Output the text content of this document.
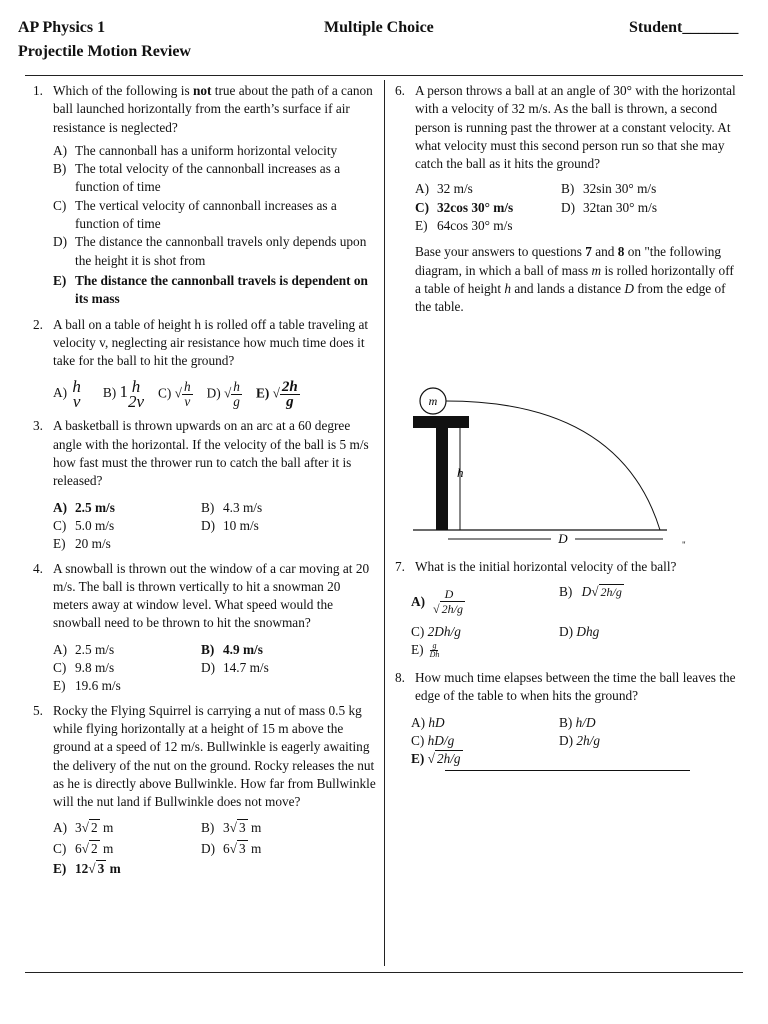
AP Physics 1
Projectile Motion Review
Multiple Choice	Student_______
1. Which of the following is not true about the path of a canon ball launched horizontally from the earth’s surface if air resistance is neglected?
A) The cannonball has a uniform horizontal velocity
B) The total velocity of the cannonball increases as a function of time
C) The vertical velocity of cannonball increases as a function of time
D) The distance the cannonball travels only depends upon the height it is shot from
E) The distance the cannonball travels is dependent on its mass
2. A ball on a table of height h is rolled off a table traveling at velocity v, neglecting air resistance how much time does it take for the ball to hit the ground?
A) h
v B) 1 h
2v C) √ $\frac{h}{v} D$) √ $\frac{h}{g} E$) √ $\frac{2h}{g}$
3. A basketball is thrown upwards on an arc at a 60 degree angle with the horizontal. If the velocity of the ball is 5 m/s how fast must the thrower run to catch the ball after it is released?
A) 2.5 m/s	B) 4.3 m/s
C) 5.0 m/s	D) 10 m/s
E) 20 m/s
4. A snowball is thrown out the window of a car moving at 20 m/s. The ball is thrown vertically to hit a snowman 20 meters away at window level. What speed would the snowball need to be thrown to hit the snowman?
A) 2.5 m/s	B) 4.9 m/s
C) 9.8 m/s	D) 14.7 m/s
E) 19.6 m/s
5. Rocky the Flying Squirrel is carrying a nut of mass 0.5 kg while flying horizontally at a height of 15 m above the ground at a speed of 12 m/s. Bullwinkle is eagerly awaiting the delivery of the nut on the ground. Rocky releases the nut as he is directly above Bullwinkle. How far from Bullwinkle will the nut land if Bullwinkle does not move?
A) 3√ 2 m	B) 3√ 3 m
C) 6√ 2 m	D) 6√ 3 m
E) 12√ 3 m
6. A person throws a ball at an angle of 30° with the horizontal with a velocity of 32 m/s. As the ball is thrown, a second person is running past the thrower at a constant velocity. At what velocity must this second person run so that she may catch the ball as it hits the ground?
A) 32 m/s	B) 32sin 30° m/s
C) 32cos 30° m/s	D) 32tan 30° m/s
E) 64cos 30° m/s
Base your answers to questions 7 and 8 on "the following diagram, in which a ball of mass m is rolled horizontally off a table of height h and lands a distance D from the edge of the table.
m
h
D	"
7. What is the initial horizontal velocity of the ball?
$A) \frac{D}{√ 2h/g}$	B) D√ 2h/g
C) 2Dh/g	D) Dhg
$E) \frac{g}{Dh}$
8. How much time elapses between the time the ball leaves the edge of the table to when hits the ground?
A) hD	B) h/D
C) hD/g	D) 2h/g
E) √ 2h/g
